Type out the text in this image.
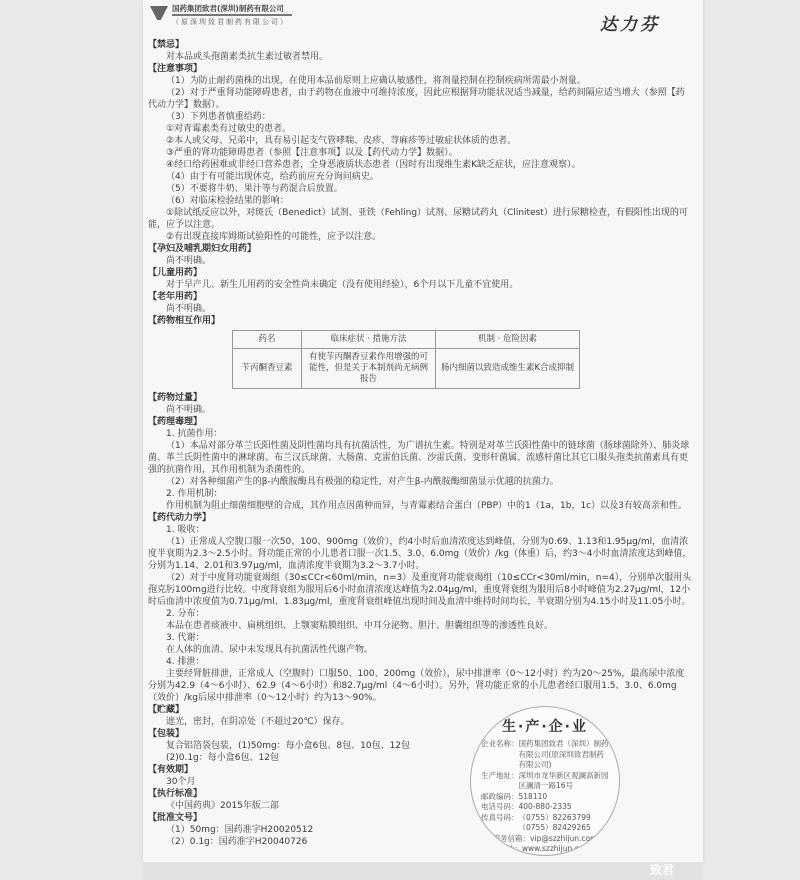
国药集团致君(深圳)制药有限公司
（原深圳致君制药有限公司）	达力芬
【禁忌】
对本品或头孢菌素类抗生素过敏者禁用。
【注意事项】
（1）为防止耐药菌株的出现，在使用本品前原则上应确认敏感性，将剂量控制在控制疾病所需最小剂量。
（2）对于严重肾功能障碍患者，由于药物在血液中可维持浓度，因此应根据肾功能状况适当减量，给药间隔应适当增大（参照【药代动力学】数据）。
（3）下列患者慎重给药：
①对青霉素类有过敏史的患者。
②本人或父母、兄弟中，具有易引起支气管哮喘、皮疹、荨麻疹等过敏症状体质的患者。
③严重的肾功能障碍患者（参照【注意事项】以及【药代动力学】数据）。
④经口给药困难或非经口营养患者，全身恶液质状态患者（因时有出现维生素K缺乏症状，应注意观察）。
（4）由于有可能出现休克，给药前应充分询问病史。
（5）不要将牛奶、果汁等与药混合后放置。
（6）对临床检验结果的影响：
①除试纸反应以外，对斑氏（Benedict）试剂、亚铁（Fehling）试剂、尿糖试药丸（Clinitest）进行尿糖检查，有假阳性出现的可能，应予以注意。
②有出现直接库姆斯试验阳性的可能性，应予以注意。
【孕妇及哺乳期妇女用药】
尚不明确。
【儿童用药】
对于早产儿、新生儿用药的安全性尚未确定（没有使用经验），6个月以下儿童不宜使用。
【老年用药】
尚不明确。
【药物相互作用】
药名	临床症状 · 措施方法	机制 · 危险因素
苄丙酮香豆素	有使苄丙酮香豆素作用增强的可能性，但是关于本制剂尚无病例报告	肠内细菌以致造成维生素K合成抑制
【药物过量】
尚不明确。
【药理毒理】
1. 抗菌作用：
（1）本品对部分革兰氏阳性菌及阴性菌均具有抗菌活性，为广谱抗生素。特别是对革兰氏阳性菌中的链球菌（肠球菌除外）、肺炎球菌、革兰氏阴性菌中的淋球菌、布兰汉氏球菌、大肠菌、克雷伯氏菌、沙雷氏菌、变形杆菌属、流感杆菌比其它口服头孢类抗菌素具有更强的抗菌作用，其作用机制为杀菌性的。
（2）对各种细菌产生的β-内酰胺酶具有极强的稳定性，对产生β-内酰胺酶细菌显示优越的抗菌力。
2. 作用机制：
作用机制为阻止细菌细胞壁的合成，其作用点因菌种而异，与青霉素结合蛋白（PBP）中的1（1a，1b，1c）以及3有较高亲和性。
【药代动力学】
1. 吸收：
（1）正常成人空腹口服一次50、100、900mg（效价），约4小时后血清浓度达到峰值，分别为0.69、1.13和1.95μg/ml，血清浓度半衰期为2.3～2.5小时。肾功能正常的小儿患者口服一次1.5、3.0、6.0mg（效价）/kg（体重）后，约3～4小时血清浓度达到峰值，分别为1.14、2.01和3.97μg/ml，血清浓度半衰期为3.2～3.7小时。
（2）对于中度肾功能衰竭组（30≤CCr<60ml/min，n=3）及重度肾功能衰竭组（10≤CCr<30ml/min，n=4），分别单次服用头孢克肟100mg进行比较。中度肾衰组为服用后6小时血清浓度达峰值为2.04μg/ml，重度肾衰组为服用后8小时峰值为2.27μg/ml，12小时后血清中浓度值为0.71μg/ml、1.83μg/ml，重度肾衰组峰值出现时间及血清中维持时间均长，半衰期分别为4.15小时及11.05小时。
2. 分布：
本品在患者痰液中、扁桃组织、上颚窦粘膜组织、中耳分泌物、胆汁、胆囊组织等的渗透性良好。
3. 代谢：
在人体的血清、尿中未发现具有抗菌活性代谢产物。
4. 排泄：
主要经肾脏排泄，正常成人（空腹时）口服50、100、200mg（效价），尿中排泄率（0～12小时）约为20～25%，最高尿中浓度分别为42.9（4～6小时）、62.9（4～6小时）和82.7μg/ml（4～6小时）。另外，肾功能正常的小儿患者经口服用1.5、3.0、6.0mg（效价）/kg后尿中排泄率（0～12小时）约为13～90%。
生·产·企·业
企业名称： 国药集团致君（深圳）制药有限公司(原深圳致君制药有限公司)
生产地址： 深圳市龙华新区观澜高新园区澜清一路16号
邮政编码： 518110
电话号码： 400-880-2335
传真号码： （0755）82263799 （0755）82429265
服务信箱：vip@szzhijun.com
网址：www.szzhijun.com
【贮藏】
遮光，密封，在阴凉处（不超过20℃）保存。
【包装】
复合铝箔袋包装，(1)50mg：每小盒6包、8包、10包、12包
(2)0.1g：每小盒6包、12包
【有效期】
30个月
【执行标准】
《中国药典》2015年版二部
【批准文号】
（1）50mg：国药准字H20020512
（2）0.1g：国药准字H20040726
致君
